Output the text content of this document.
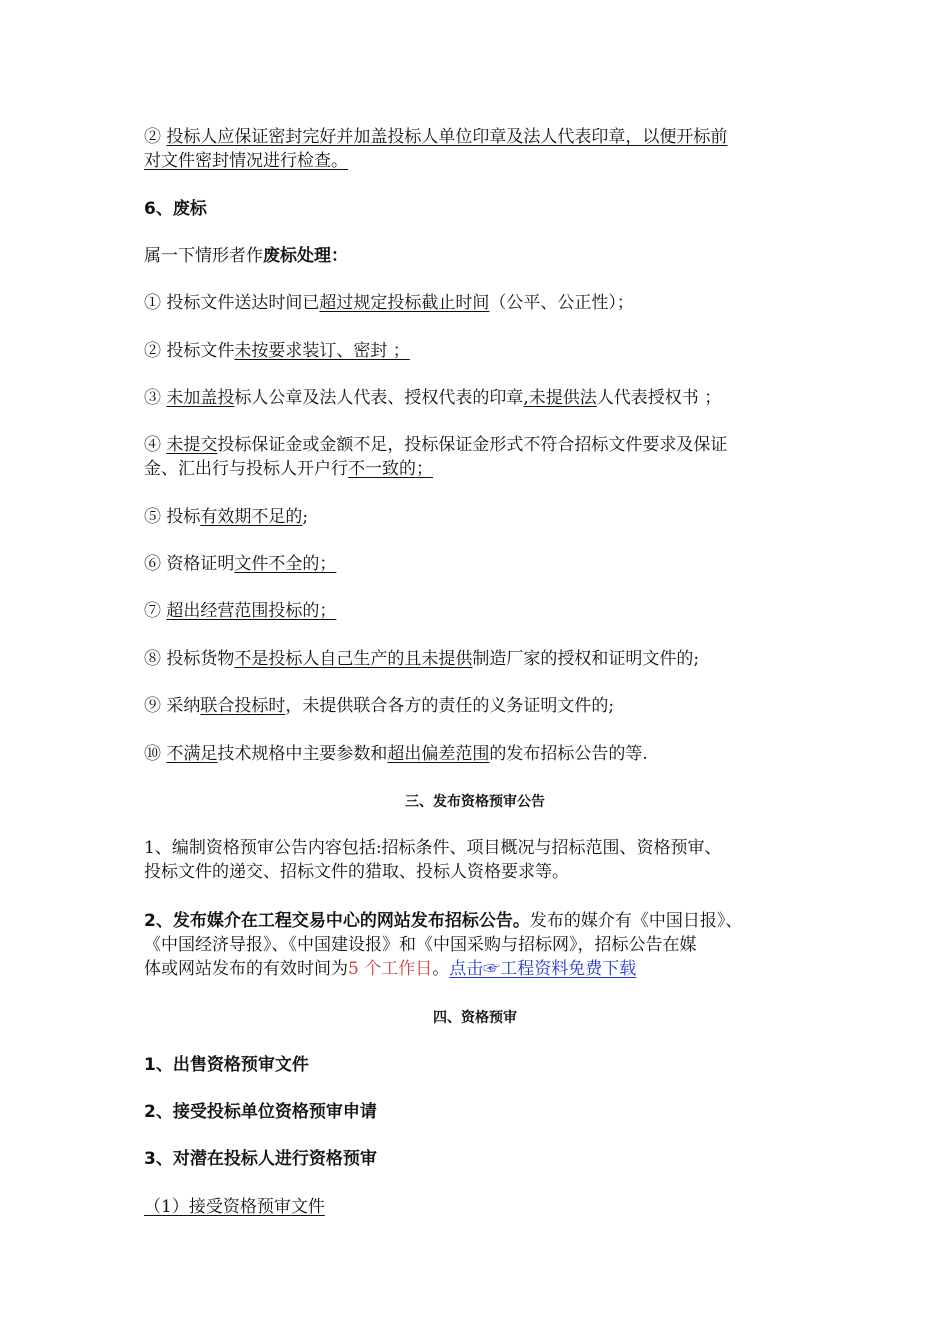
② 投标人应保证密封完好并加盖投标人单位印章及法人代表印章，以便开标前
对文件密封情况进行检查。
6、废标
属一下情形者作废标处理：
① 投标文件送达时间已超过规定投标截止时间（公平、公正性）；
② 投标文件未按要求装订、密封 ；
③ 未加盖投标人公章及法人代表、授权代表的印章,未提供法人代表授权书 ；
④ 未提交投标保证金或金额不足，投标保证金形式不符合招标文件要求及保证
金、汇出行与投标人开户行不一致的；
⑤ 投标有效期不足的;
⑥ 资格证明文件不全的；
⑦ 超出经营范围投标的；
⑧ 投标货物不是投标人自己生产的且未提供制造厂家的授权和证明文件的;
⑨ 采纳联合投标时，未提供联合各方的责任的义务证明文件的;
⑩ 不满足技术规格中主要参数和超出偏差范围的发布招标公告的等.
三、发布资格预审公告
1、编制资格预审公告内容包括:招标条件、项目概况与招标范围、资格预审、
投标文件的递交、招标文件的猎取、投标人资格要求等。
2、发布媒介在工程交易中心的网站发布招标公告。发布的媒介有《中国日报》、
《中国经济导报》、《中国建设报》和《中国采购与招标网》，招标公告在媒
体或网站发布的有效时间为5 个工作日。点击☞工程资料免费下载
四、资格预审
1、出售资格预审文件
2、接受投标单位资格预审申请
3、对潜在投标人进行资格预审
（1）接受资格预审文件
